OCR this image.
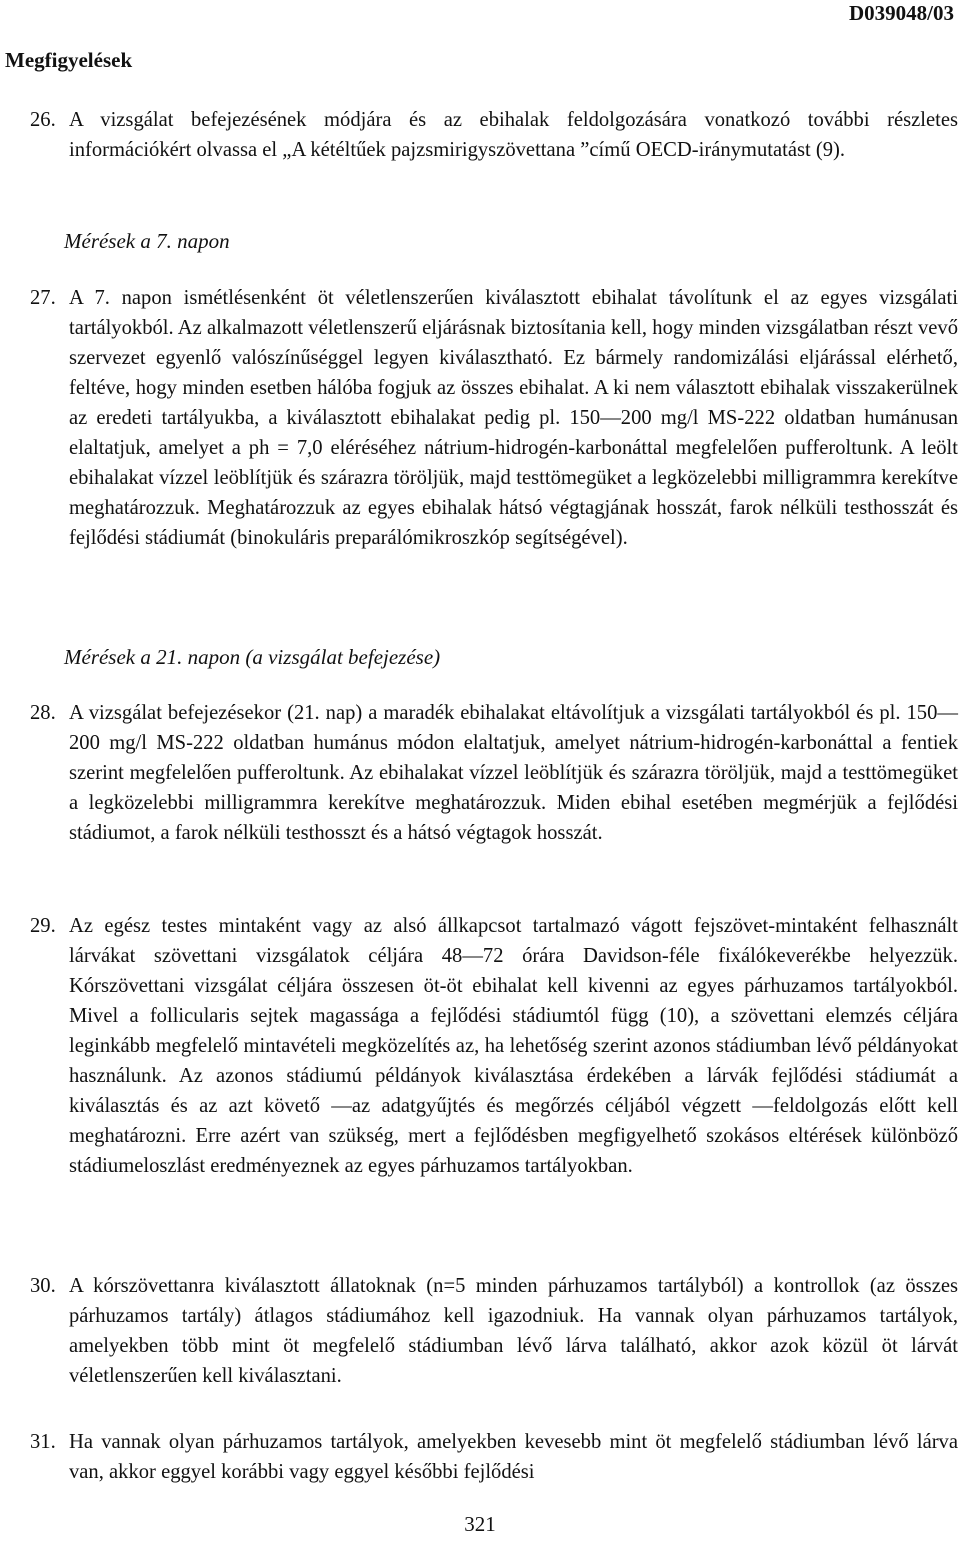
D039048/03
Megfigyelések
26. A vizsgálat befejezésének módjára és az ebihalak feldolgozására vonatkozó további részletes információkért olvassa el „A kétéltűek pajzsmirigyszövettana ”című OECD-iránymutatást (9).
Mérések a 7. napon
27. A 7. napon ismétlésenként öt véletlenszerűen kiválasztott ebihalat távolítunk el az egyes vizsgálati tartályokból. Az alkalmazott véletlenszerű eljárásnak biztosítania kell, hogy minden vizsgálatban részt vevő szervezet egyenlő valószínűséggel legyen kiválasztható. Ez bármely randomizálási eljárással elérhető, feltéve, hogy minden esetben hálóba fogjuk az összes ebihalat. A ki nem választott ebihalak visszakerülnek az eredeti tartályukba, a kiválasztott ebihalakat pedig pl. 150—200 mg/l MS-222 oldatban humánusan elaltatjuk, amelyet a ph = 7,0 eléréséhez nátrium-hidrogén-karbonáttal megfelelően pufferoltunk. A leölt ebihalakat vízzel leöblítjük és szárazra töröljük, majd testtömegüket a legközelebbi milligrammra kerekítve meghatározzuk. Meghatározzuk az egyes ebihalak hátsó végtagjának hosszát, farok nélküli testhosszát és fejlődési stádiumát (binokuláris preparálómikroszkóp segítségével).
Mérések a 21. napon (a vizsgálat befejezése)
28. A vizsgálat befejezésekor (21. nap) a maradék ebihalakat eltávolítjuk a vizsgálati tartályokból és pl. 150—200 mg/l MS-222 oldatban humánus módon elaltatjuk, amelyet nátrium-hidrogén-karbonáttal a fentiek szerint megfelelően pufferoltunk. Az ebihalakat vízzel leöblítjük és szárazra töröljük, majd a testtömegüket a legközelebbi milligrammra kerekítve meghatározzuk. Miden ebihal esetében megmérjük a fejlődési stádiumot, a farok nélküli testhosszt és a hátsó végtagok hosszát.
29. Az egész testes mintaként vagy az alsó állkapcsot tartalmazó vágott fejszövet-mintaként felhasznált lárvákat szövettani vizsgálatok céljára 48—72 órára Davidson-féle fixálókeverékbe helyezzük. Kórszövettani vizsgálat céljára összesen öt-öt ebihalat kell kivenni az egyes párhuzamos tartályokból. Mivel a follicularis sejtek magassága a fejlődési stádiumtól függ (10), a szövettani elemzés céljára leginkább megfelelő mintavételi megközelítés az, ha lehetőség szerint azonos stádiumban lévő példányokat használunk. Az azonos stádiumú példányok kiválasztása érdekében a lárvák fejlődési stádiumát a kiválasztás és az azt követő —az adatgyűjtés és megőrzés céljából végzett —feldolgozás előtt kell meghatározni. Erre azért van szükség, mert a fejlődésben megfigyelhető szokásos eltérések különböző stádiumeloszlást eredményeznek az egyes párhuzamos tartályokban.
30. A kórszövettanra kiválasztott állatoknak (n=5 minden párhuzamos tartályból) a kontrollok (az összes párhuzamos tartály) átlagos stádiumához kell igazodniuk. Ha vannak olyan párhuzamos tartályok, amelyekben több mint öt megfelelő stádiumban lévő lárva található, akkor azok közül öt lárvát véletlenszerűen kell kiválasztani.
31. Ha vannak olyan párhuzamos tartályok, amelyekben kevesebb mint öt megfelelő stádiumban lévő lárva van, akkor eggyel korábbi vagy eggyel későbbi fejlődési
321
